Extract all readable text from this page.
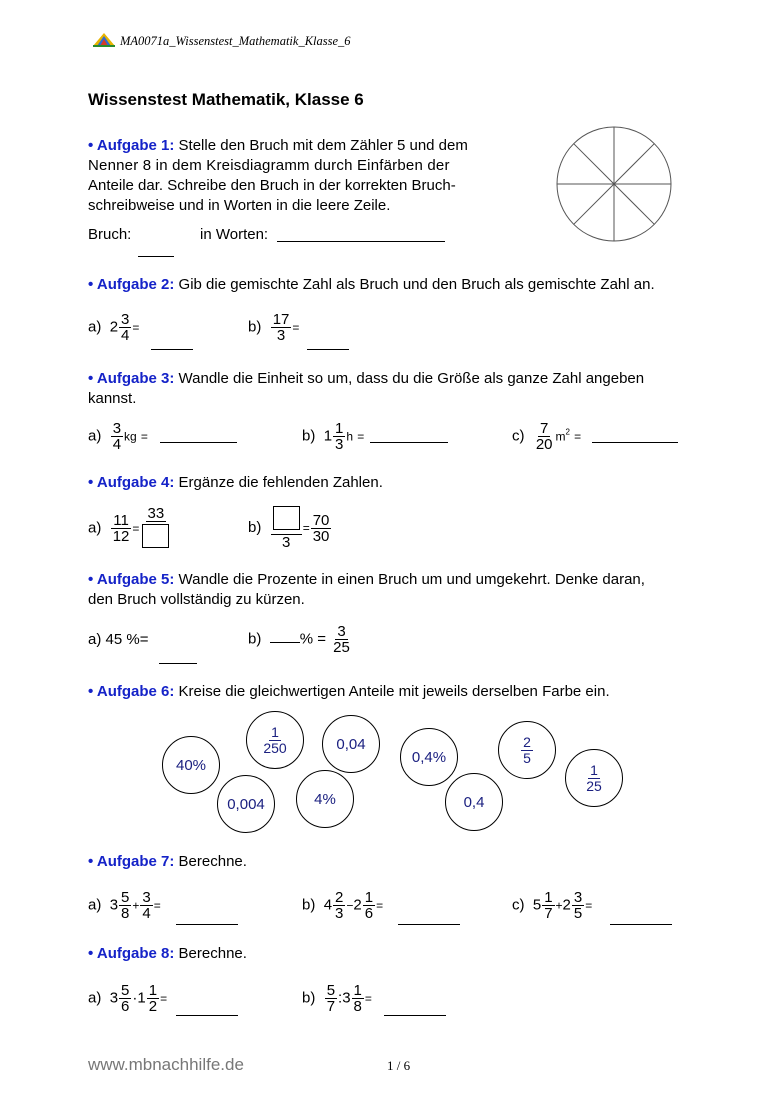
MA0071a_Wissenstest_Mathematik_Klasse_6
Wissenstest Mathematik, Klasse 6
• Aufgabe 1: Stelle den Bruch mit dem Zähler 5 und dem
Nenner 8 in dem Kreisdiagramm durch Einfärben der
Anteile dar. Schreibe den Bruch in der korrekten Bruch-
schreibweise und in Worten in die leere Zeile.
Bruch:	in Worten:
• Aufgabe 2: Gib die gemischte Zahl als Bruch und den Bruch als gemischte Zahl an.
a) $2 \frac{3}{4}$ =	$b) \frac{17}{3}$ =
• Aufgabe 3: Wandle die Einheit so um, dass du die Größe als ganze Zahl angeben
kannst.
$a) \frac{3}{4}$ kg =	b) $1 \frac{1}{3}$ h =	$c) \frac{7}{20} m^2$ =
• Aufgabe 4: Ergänze die fehlenden Zahlen.
$a) \frac{11}{12}$ =
33
b)
3
= $\frac{70}{30}$
• Aufgabe 5: Wandle die Prozente in einen Bruch um und umgekehrt. Denke daran,
den Bruch vollständig zu kürzen.
a) 45 %=	b)	% = $\frac{3}{25}$
• Aufgabe 6: Kreise die gleichwertigen Anteile mit jeweils derselben Farbe ein.
40%
$\frac{1}{250}$	0,04
0,004	4%
0,4%
0,4
$\frac{2}{5}$
$\frac{1}{25}$
• Aufgabe 7: Berechne.
a) $3 \frac{5}{8} + \frac{3}{4}$ =	b) $4 \frac{2}{3} -2 \frac{1}{6}$ =	c) $5 \frac{1}{7} +2 \frac{3}{5}$ =
• Aufgabe 8: Berechne.
a) $3 \frac{5}{6} \cdot 1 \frac{1}{2}$ =	$b) \frac{5}{7}$ :3 $\frac{1}{8}$ =
www.mbnachhilfe.de	1 / 6
